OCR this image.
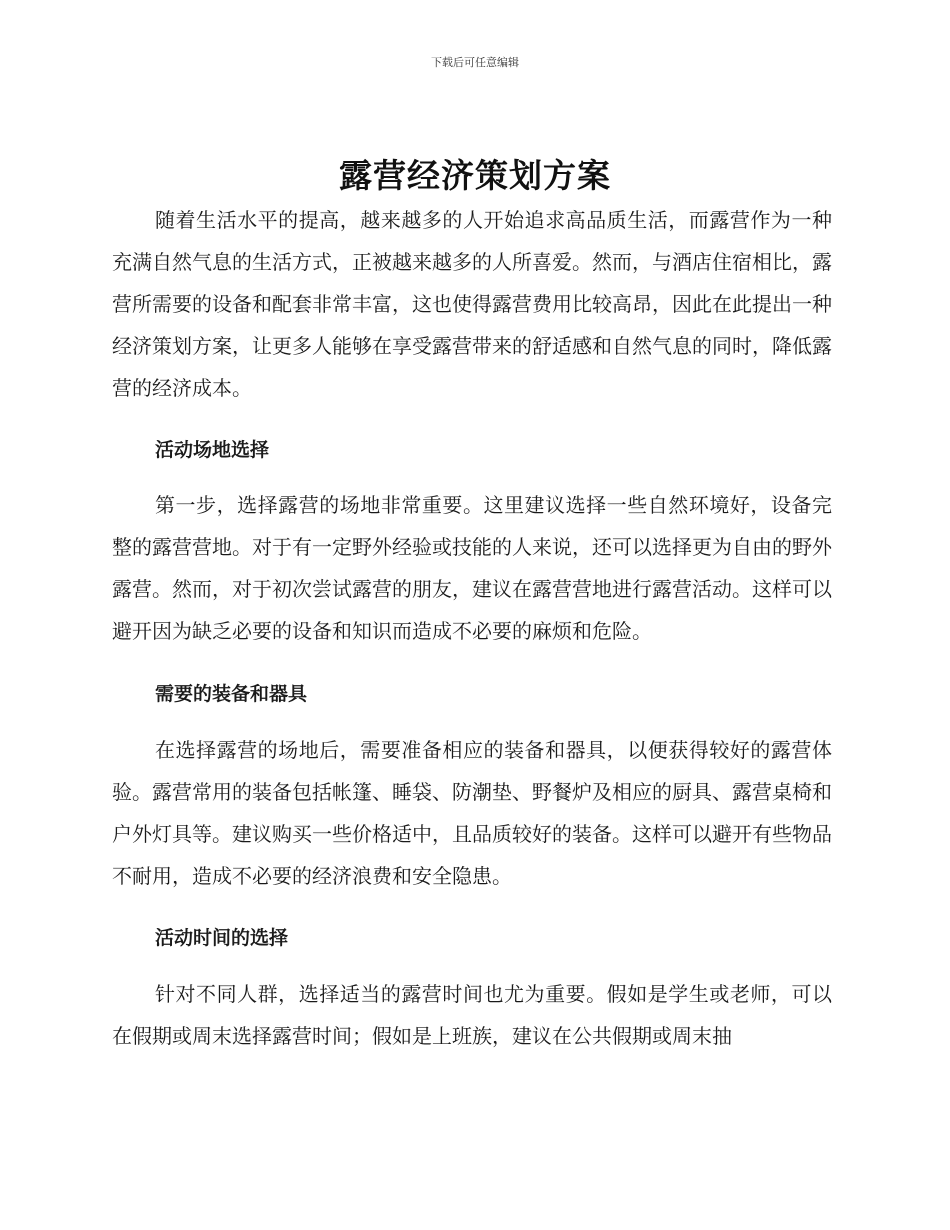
下载后可任意编辑
露营经济策划方案

随着生活水平的提高，越来越多的人开始追求高品质生活，而露营作为一种充满自然气息的生活方式，正被越来越多的人所喜爱。然而，与酒店住宿相比，露营所需要的设备和配套非常丰富，这也使得露营费用比较高昂，因此在此提出一种经济策划方案，让更多人能够在享受露营带来的舒适感和自然气息的同时，降低露营的经济成本。

活动场地选择

第一步，选择露营的场地非常重要。这里建议选择一些自然环境好，设备完整的露营营地。对于有一定野外经验或技能的人来说，还可以选择更为自由的野外露营。然而，对于初次尝试露营的朋友，建议在露营营地进行露营活动。这样可以避开因为缺乏必要的设备和知识而造成不必要的麻烦和危险。

需要的装备和器具

在选择露营的场地后，需要准备相应的装备和器具，以便获得较好的露营体验。露营常用的装备包括帐篷、睡袋、防潮垫、野餐炉及相应的厨具、露营桌椅和户外灯具等。建议购买一些价格适中，且品质较好的装备。这样可以避开有些物品不耐用，造成不必要的经济浪费和安全隐患。

活动时间的选择

针对不同人群，选择适当的露营时间也尤为重要。假如是学生或老师，可以在假期或周末选择露营时间；假如是上班族，建议在公共假期或周末抽
